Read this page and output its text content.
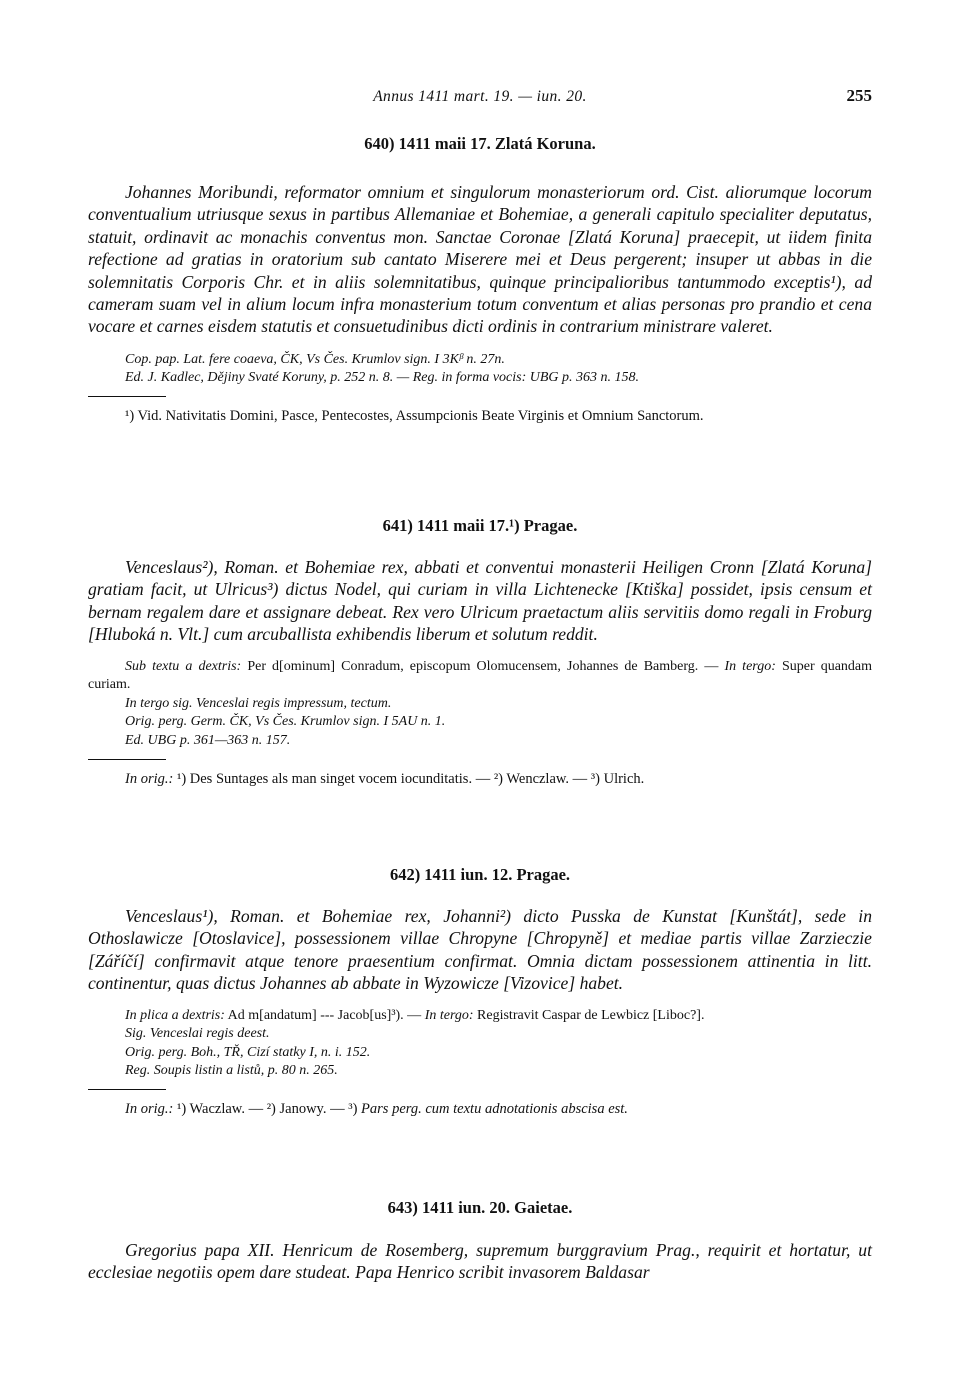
Annus 1411 mart. 19. — iun. 20.	255
640) 1411 maii 17. Zlatá Koruna.

Johannes Moribundi, reformator omnium et singulorum monasteriorum ord. Cist. aliorumque locorum conventualium utriusque sexus in partibus Allemaniae et Bohemiae, a generali capitulo specialiter deputatus, statuit, ordinavit ac monachis conventus mon. Sanctae Coronae [Zlatá Koruna] praecepit, ut iidem finita refectione ad gratias in oratorium sub cantato Miserere mei et Deus pergerent; insuper ut abbas in die solemnitatis Corporis Chr. et in aliis solemnitatibus, quinque principalioribus tantummodo exceptis¹), ad cameram suam vel in alium locum infra monasterium totum conventum et alias personas pro prandio et cena vocare et carnes eisdem statutis et consuetudinibus dicti ordinis in contrarium ministrare valeret.

Cop. pap. Lat. fere coaeva, ČK, Vs Čes. Krumlov sign. I 3Kᵝ n. 27n.
Ed. J. Kadlec, Dějiny Svaté Koruny, p. 252 n. 8. — Reg. in forma vocis: UBG p. 363 n. 158.

¹) Vid. Nativitatis Domini, Pasce, Pentecostes, Assumpcionis Beate Virginis et Omnium Sanctorum.

641) 1411 maii 17.¹) Pragae.

Venceslaus²), Roman. et Bohemiae rex, abbati et conventui monasterii Heiligen Cronn [Zlatá Koruna] gratiam facit, ut Ulricus³) dictus Nodel, qui curiam in villa Lichtenecke [Ktiška] possidet, ipsis censum et bernam regalem dare et assignare debeat. Rex vero Ulricum praetactum aliis servitiis domo regali in Froburg [Hluboká n. Vlt.] cum arcuballista exhibendis liberum et solutum reddit.

Sub textu a dextris: Per d[ominum] Conradum, episcopum Olomucensem, Johannes de Bamberg. — In tergo: Super quandam curiam.
In tergo sig. Venceslai regis impressum, tectum.
Orig. perg. Germ. ČK, Vs Čes. Krumlov sign. I 5AU n. 1.
Ed. UBG p. 361—363 n. 157.

In orig.: ¹) Des Suntages als man singet vocem iocunditatis. — ²) Wenczlaw. — ³) Ulrich.

642) 1411 iun. 12. Pragae.

Venceslaus¹), Roman. et Bohemiae rex, Johanni²) dicto Pusska de Kunstat [Kunštát], sede in Othoslawicze [Otoslavice], possessionem villae Chropyne [Chropyně] et mediae partis villae Zarzieczie [Záříčí] confirmavit atque tenore praesentium confirmat. Omnia dictam possessionem attinentia in litt. continentur, quas dictus Johannes ab abbate in Wyzowicze [Vizovice] habet.

In plica a dextris: Ad m[andatum] --- Jacob[us]³). — In tergo: Registravit Caspar de Lewbicz [Liboc?].
Sig. Venceslai regis deest.
Orig. perg. Boh., TŘ, Cizí statky I, n. i. 152.
Reg. Soupis listin a listů, p. 80 n. 265.

In orig.: ¹) Waczlaw. — ²) Janowy. — ³) Pars perg. cum textu adnotationis abscisa est.

643) 1411 iun. 20. Gaietae.

Gregorius papa XII. Henricum de Rosemberg, supremum burggravium Prag., requirit et hortatur, ut ecclesiae negotiis opem dare studeat. Papa Henrico scribit invasorem Baldasar
